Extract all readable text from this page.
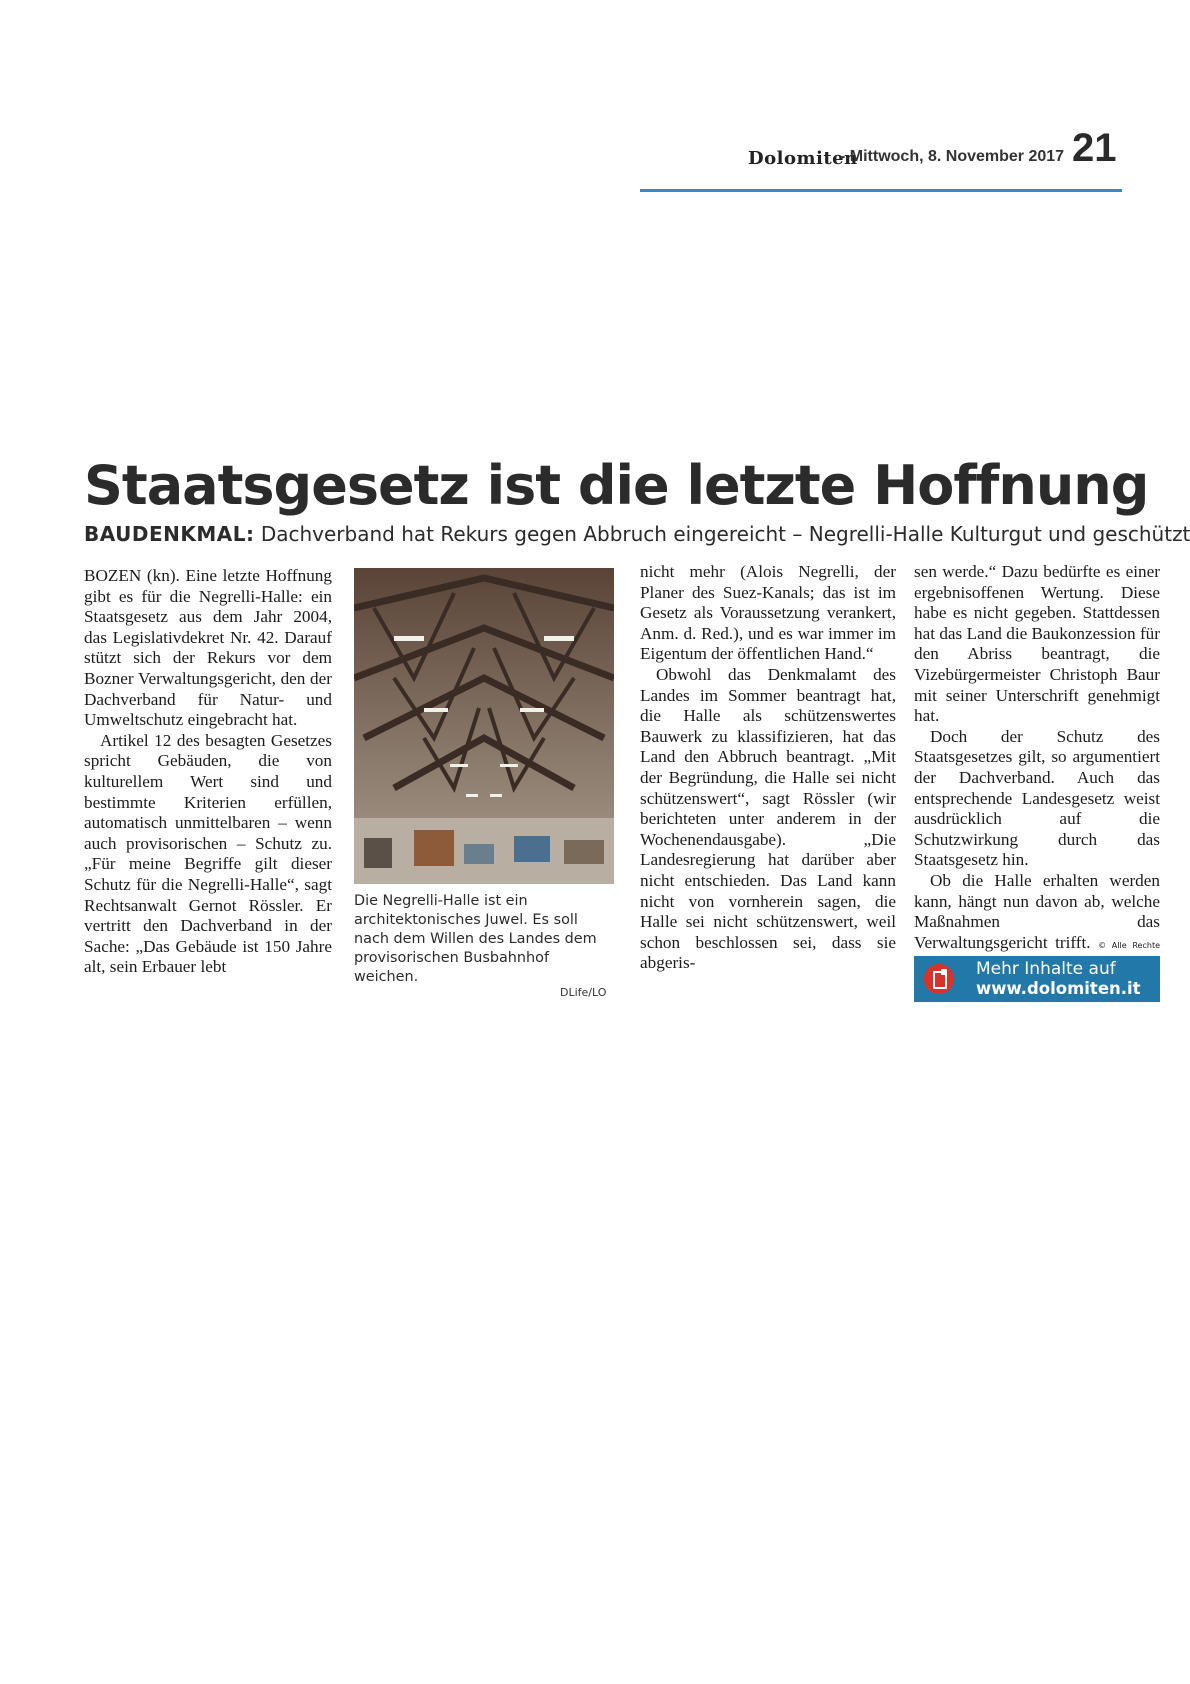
Dolomiten
- Mittwoch, 8. November 2017 21
Staatsgesetz ist die letzte Hoffnung
BAUDENKMAL: Dachverband hat Rekurs gegen Abbruch eingereicht – Negrelli-Halle Kulturgut und geschützt

BOZEN (kn). Eine letzte Hoffnung gibt es für die Negrelli-Halle: ein Staatsgesetz aus dem Jahr 2004, das Legislativdekret Nr. 42. Darauf stützt sich der Rekurs vor dem Bozner Verwaltungsgericht, den der Dachverband für Natur- und Umweltschutz eingebracht hat.

Artikel 12 des besagten Gesetzes spricht Gebäuden, die von kulturellem Wert sind und bestimmte Kriterien erfüllen, automatisch unmittelbaren – wenn auch provisorischen – Schutz zu. „Für meine Begriffe gilt dieser Schutz für die Negrelli-Halle“, sagt Rechtsanwalt Gernot Rössler. Er vertritt den Dachverband in der Sache: „Das Gebäude ist 150 Jahre alt, sein Erbauer lebt

Die Negrelli-Halle ist ein architektonisches Juwel. Es soll nach dem Willen des Landes dem provisorischen Busbahnhof weichen.
DLife/LO

nicht mehr (Alois Negrelli, der Planer des Suez-Kanals; das ist im Gesetz als Voraussetzung verankert, Anm. d. Red.), und es war immer im Eigentum der öffentlichen Hand.“

Obwohl das Denkmalamt des Landes im Sommer beantragt hat, die Halle als schützenswertes Bauwerk zu klassifizieren, hat das Land den Abbruch beantragt. „Mit der Begründung, die Halle sei nicht schützenswert“, sagt Rössler (wir berichteten unter anderem in der Wochenendausgabe). „Die Landesregierung hat darüber aber nicht entschieden. Das Land kann nicht von vornherein sagen, die Halle sei nicht schützenswert, weil schon beschlossen sei, dass sie abgeris-

sen werde.“ Dazu bedürfte es einer ergebnisoffenen Wertung. Diese habe es nicht gegeben. Stattdessen hat das Land die Baukonzession für den Abriss beantragt, die Vizebürgermeister Christoph Baur mit seiner Unterschrift genehmigt hat.

Doch der Schutz des Staatsgesetzes gilt, so argumentiert der Dachverband. Auch das entsprechende Landesgesetz weist ausdrücklich auf die Schutzwirkung durch das Staatsgesetz hin.

Ob die Halle erhalten werden kann, hängt nun davon ab, welche Maßnahmen das Verwaltungsgericht trifft. © Alle Rechte

Mehr Inhalte auf
www.dolomiten.it
